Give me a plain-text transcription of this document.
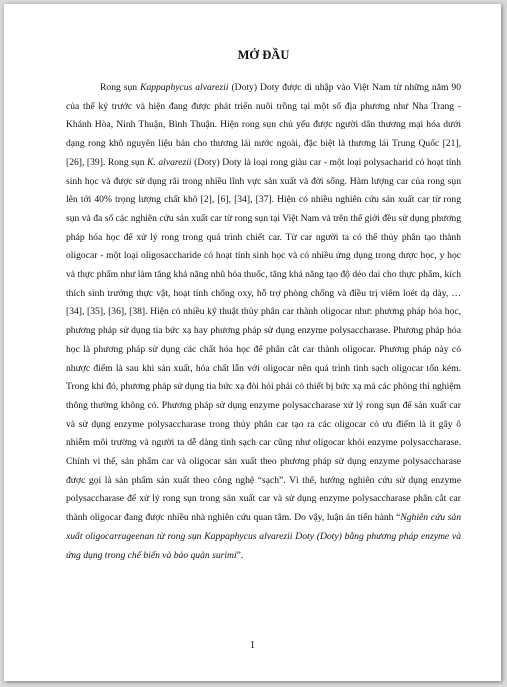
MỞ ĐẦU

Rong sụn Kappaphycus alvarezii (Doty) Doty được di nhập vào Việt Nam từ những năm 90 của thế kỷ trước và hiện đang được phát triển nuôi trồng tại một số địa phương như Nha Trang - Khánh Hòa, Ninh Thuận, Bình Thuận. Hiện rong sụn chủ yếu được người dân thương mại hóa dưới dạng rong khô nguyên liệu bán cho thương lái nước ngoài, đặc biệt là thương lái Trung Quốc [21], [26], [39]. Rong sụn K. alvarezii (Doty) Doty là loại rong giàu car - một loại polysacharid có hoạt tính sinh học và được sử dụng rãi trong nhiều lĩnh vực sản xuất và đời sống. Hàm lượng car của rong sụn lên tới 40% trọng lượng chất khô [2], [6], [34], [37]. Hiện có nhiều nghiên cứu sản xuất car từ rong sụn và đa số các nghiên cứu sản xuất car từ rong sụn tại Việt Nam và trên thế giới đều sử dụng phương pháp hóa học để xử lý rong trong quá trình chiết car. Từ car người ta có thể thủy phân tạo thành oligocar - một loại oligosaccharide có hoạt tính sinh học và có nhiều ứng dụng trong dược học, y học và thực phẩm như làm tăng khả năng nhũ hóa thuốc, tăng khả năng tạo độ dẻo dai cho thực phẩm, kích thích sinh trưởng thực vật, hoạt tính chống oxy, hỗ trợ phòng chống và điều trị viêm loét dạ dày, … [34], [35], [36], [38]. Hiện có nhiều kỹ thuật thủy phân car thành oligocar như: phương pháp hóa học, phương pháp sử dụng tia bức xạ hay phương pháp sử dụng enzyme polysaccharase. Phương pháp hóa học là phương pháp sử dụng các chất hóa học để phân cắt car thành oligocar. Phương pháp này có nhược điểm là sau khi sản xuất, hóa chất lẫn với oligocar nên quá trình tinh sạch oligocar tốn kém. Trong khi đó, phương pháp sử dụng tia bức xạ đòi hỏi phải có thiết bị bức xạ mà các phòng thí nghiệm thông thường không có. Phương pháp sử dụng enzyme polysaccharase xử lý rong sụn để sản xuất car và sử dụng enzyme polysaccharase trong thủy phân car tạo ra các oligocar có ưu điểm là ít gây ô nhiễm môi trường và người ta dễ dàng tinh sạch car cũng như oligocar khỏi enzyme polysaccharase. Chính vì thế, sản phẩm car và oligocar sản xuất theo phương pháp sử dụng enzyme polysaccharase được gọi là sản phẩm sản xuất theo công nghệ “sạch”. Vì thế, hướng nghiên cứu sử dụng enzyme polysaccharase để xử lý rong sụn trong sản xuất car và sử dụng enzyme polysaccharase phân cắt car thành oligocar đang được nhiều nhà nghiên cứu quan tâm. Do vậy, luận án tiến hành “Nghiên cứu sản xuất oligocarrageenan từ rong sụn Kappaphycus alvarezii Doty (Doty) bằng phương pháp enzyme và ứng dụng trong chế biến và bảo quản surimi”.

1
